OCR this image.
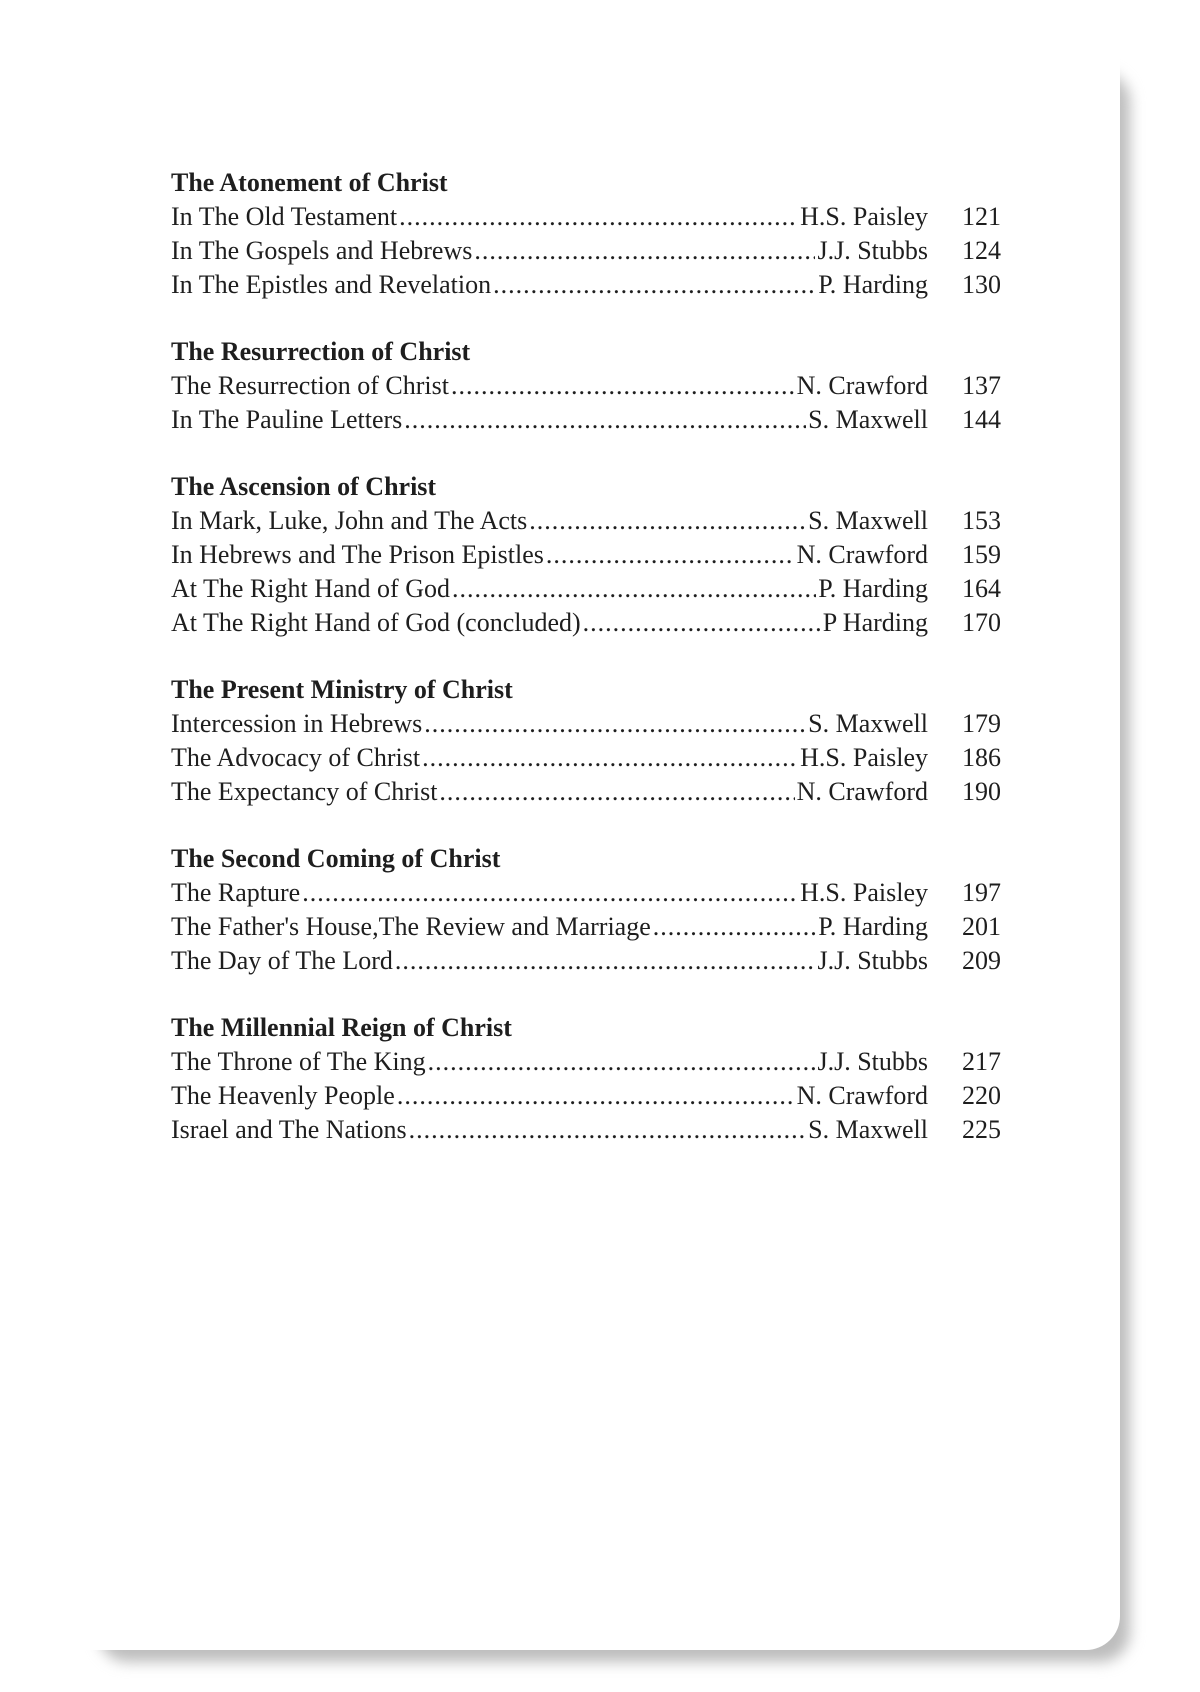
The Atonement of Christ
In The Old Testament .....	H.S. Paisley	121
In The Gospels and Hebrews .....	J.J. Stubbs	124
In The Epistles and Revelation .....	P. Harding	130
The Resurrection of Christ
The Resurrection of Christ .....	N. Crawford	137
In The Pauline Letters .....	S. Maxwell	144
The Ascension of Christ
In Mark, Luke, John and The Acts .....	S. Maxwell	153
In Hebrews and The Prison Epistles .....	N. Crawford	159
At The Right Hand of God .....	P. Harding	164
At The Right Hand of God (concluded) .....	P Harding	170
The Present Ministry of Christ
Intercession in Hebrews .....	S. Maxwell	179
The Advocacy of Christ .....	H.S. Paisley	186
The Expectancy of Christ .....	N. Crawford	190
The Second Coming of Christ
The Rapture .....	H.S. Paisley	197
The Father's House,The Review and Marriage .....	P. Harding	201
The Day of The Lord .....	J.J. Stubbs	209
The Millennial Reign of Christ
The Throne of The King .....	J.J. Stubbs	217
The Heavenly People .....	N. Crawford	220
Israel and The Nations .....	S. Maxwell	225
